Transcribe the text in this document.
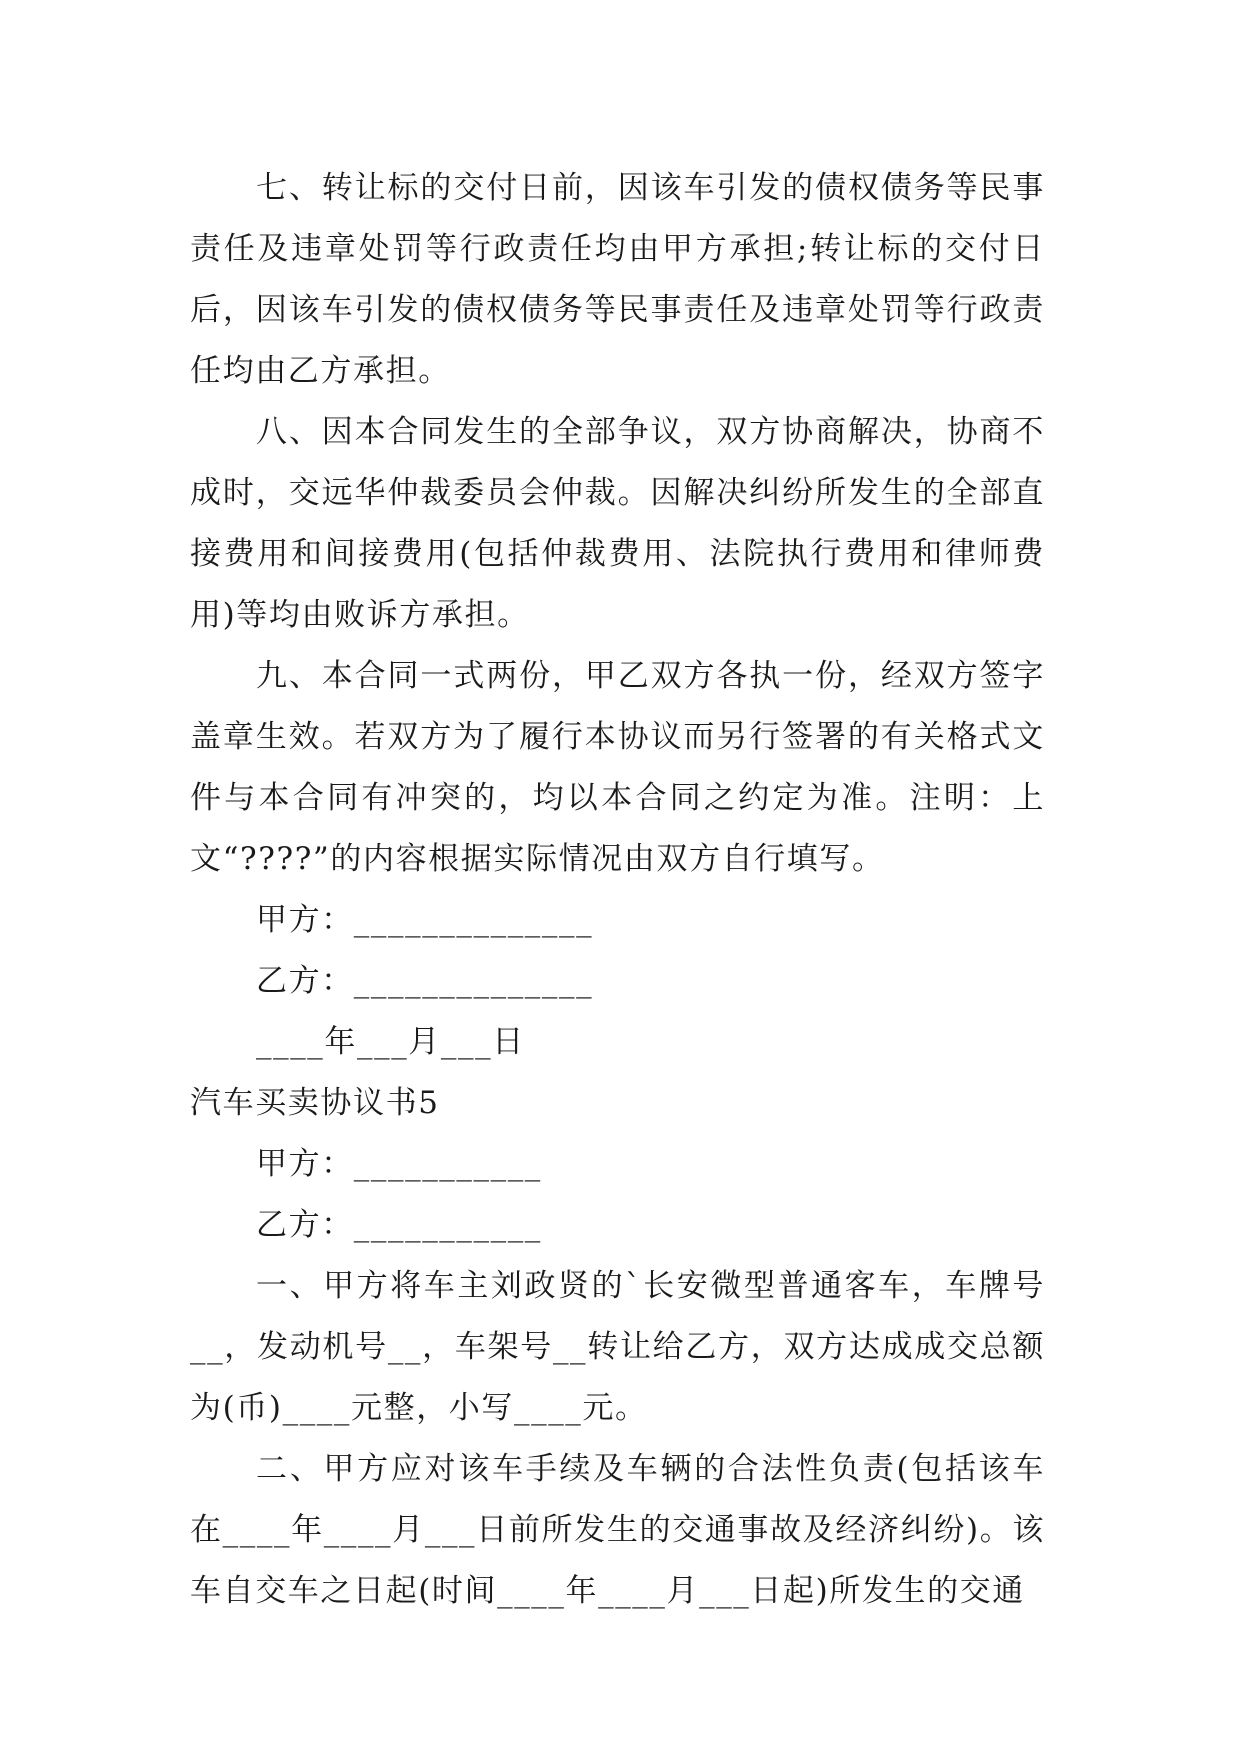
七、转让标的交付日前，因该车引发的债权债务等民事责任及违章处罚等行政责任均由甲方承担;转让标的交付日后，因该车引发的债权债务等民事责任及违章处罚等行政责任均由乙方承担。

八、因本合同发生的全部争议，双方协商解决，协商不成时，交远华仲裁委员会仲裁。因解决纠纷所发生的全部直接费用和间接费用(包括仲裁费用、法院执行费用和律师费用)等均由败诉方承担。

九、本合同一式两份，甲乙双方各执一份，经双方签字盖章生效。若双方为了履行本协议而另行签署的有关格式文件与本合同有冲突的，均以本合同之约定为准。注明：上文“????”的内容根据实际情况由双方自行填写。

甲方：______________

乙方：______________

____年___月___日

汽车买卖协议书5

甲方：___________

乙方：___________

一、甲方将车主刘政贤的`长安微型普通客车，车牌号__，发动机号__，车架号__转让给乙方，双方达成成交总额为(币)____元整，小写____元。

二、甲方应对该车手续及车辆的合法性负责(包括该车在____年____月___日前所发生的交通事故及经济纠纷)。该车自交车之日起(时间____年____月___日起)所发生的交通
